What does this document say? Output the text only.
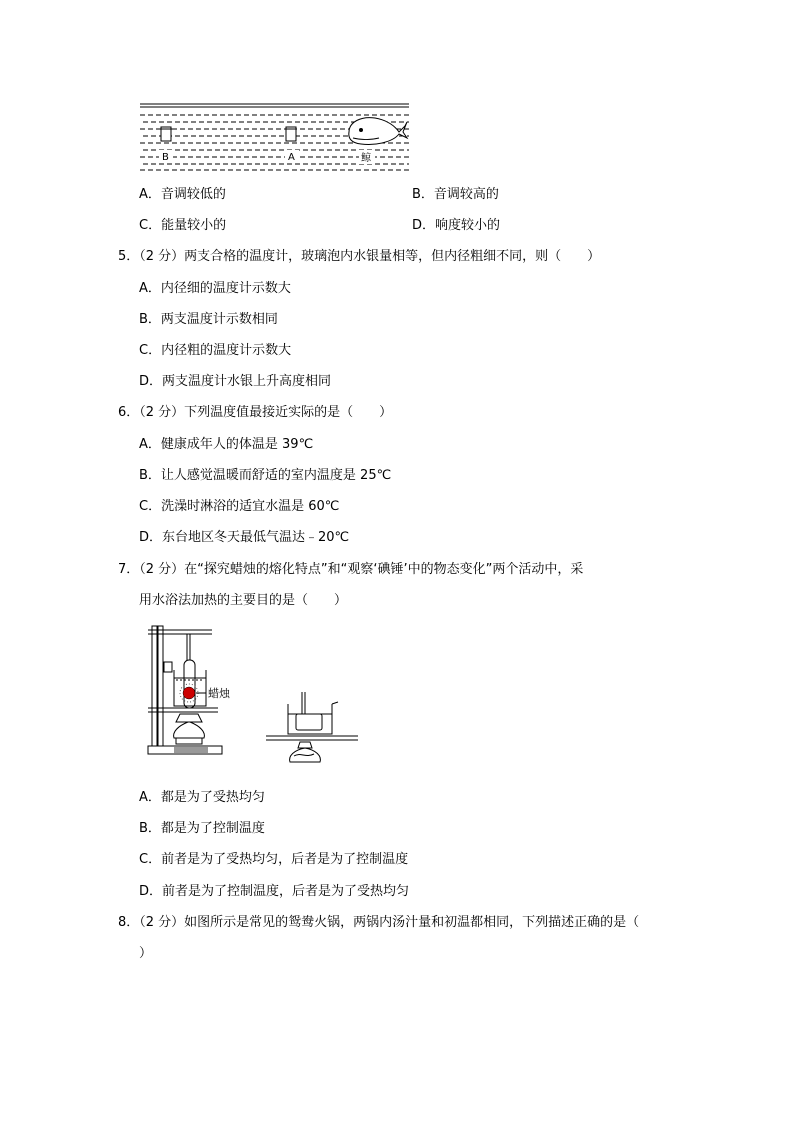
B	A	鲸
A．音调较低的	B．音调较高的
C．能量较小的	D．响度较小的
5．（2 分）两支合格的温度计，玻璃泡内水银量相等，但内径粗细不同，则（　　）
A．内径细的温度计示数大
B．两支温度计示数相同
C．内径粗的温度计示数大
D．两支温度计水银上升高度相同
6．（2 分）下列温度值最接近实际的是（　　）
A．健康成年人的体温是 39℃
B．让人感觉温暖而舒适的室内温度是 25℃
C．洗澡时淋浴的适宜水温是 60℃
D．东台地区冬天最低气温达﹣20℃
7．（2 分）在“探究蜡烛的熔化特点”和“观察‘碘锤’中的物态变化”两个活动中，采
用水浴法加热的主要目的是（　　）
蜡烛
A．都是为了受热均匀
B．都是为了控制温度
C．前者是为了受热均匀，后者是为了控制温度
D．前者是为了控制温度，后者是为了受热均匀
8．（2 分）如图所示是常见的鸳鸯火锅，两锅内汤汁量和初温都相同，下列描述正确的是（
）
